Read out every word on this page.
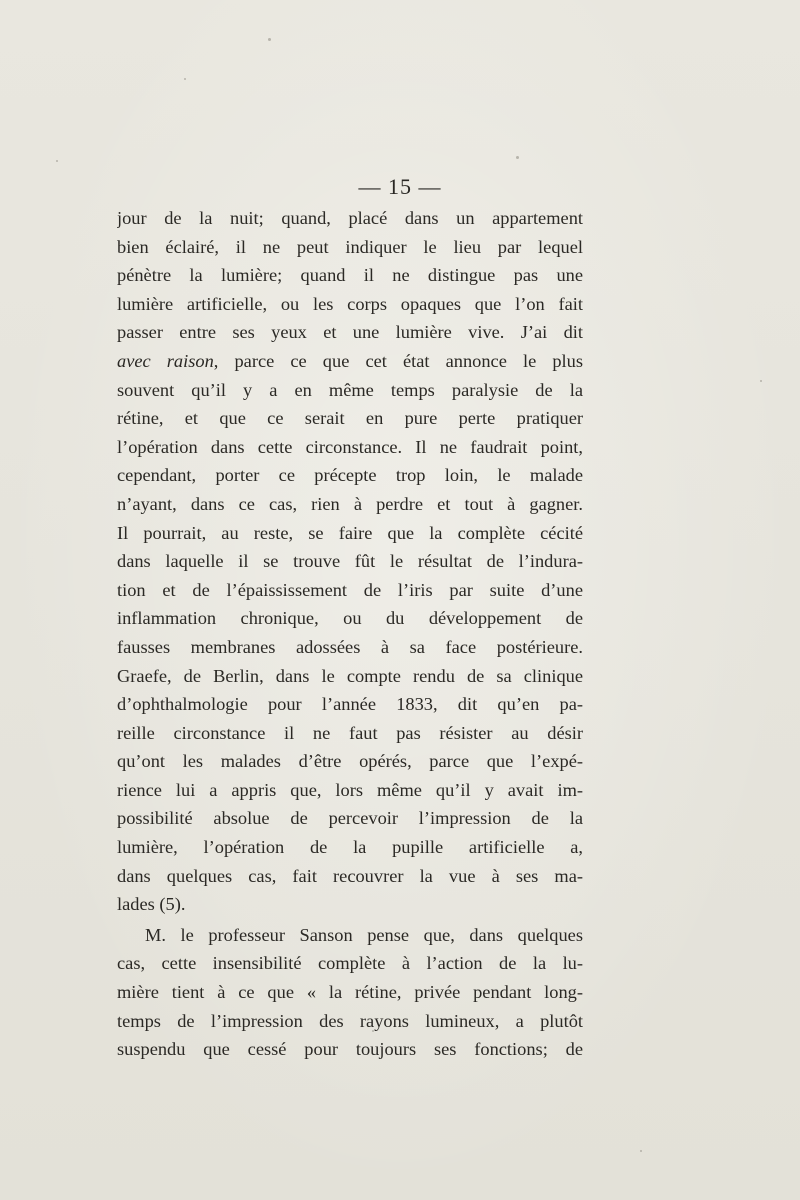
— 15 —
jour de la nuit; quand, placé dans un appartement
bien éclairé, il ne peut indiquer le lieu par lequel
pénètre la lumière; quand il ne distingue pas une
lumière artificielle, ou les corps opaques que l’on fait
passer entre ses yeux et une lumière vive. J’ai dit
avec raison, parce ce que cet état annonce le plus
souvent qu’il y a en même temps paralysie de la
rétine, et que ce serait en pure perte pratiquer
l’opération dans cette circonstance. Il ne faudrait point,
cependant, porter ce précepte trop loin, le malade
n’ayant, dans ce cas, rien à perdre et tout à gagner.
Il pourrait, au reste, se faire que la complète cécité
dans laquelle il se trouve fût le résultat de l’indura-
tion et de l’épaississement de l’iris par suite d’une
inflammation chronique, ou du développement de
fausses membranes adossées à sa face postérieure.
Graefe, de Berlin, dans le compte rendu de sa clinique
d’ophthalmologie pour l’année 1833, dit qu’en pa-
reille circonstance il ne faut pas résister au désir
qu’ont les malades d’être opérés, parce que l’expé-
rience lui a appris que, lors même qu’il y avait im-
possibilité absolue de percevoir l’impression de la
lumière, l’opération de la pupille artificielle a,
dans quelques cas, fait recouvrer la vue à ses ma-
lades (5).
M. le professeur Sanson pense que, dans quelques
cas, cette insensibilité complète à l’action de la lu-
mière tient à ce que « la rétine, privée pendant long-
temps de l’impression des rayons lumineux, a plutôt
suspendu que cessé pour toujours ses fonctions; de
